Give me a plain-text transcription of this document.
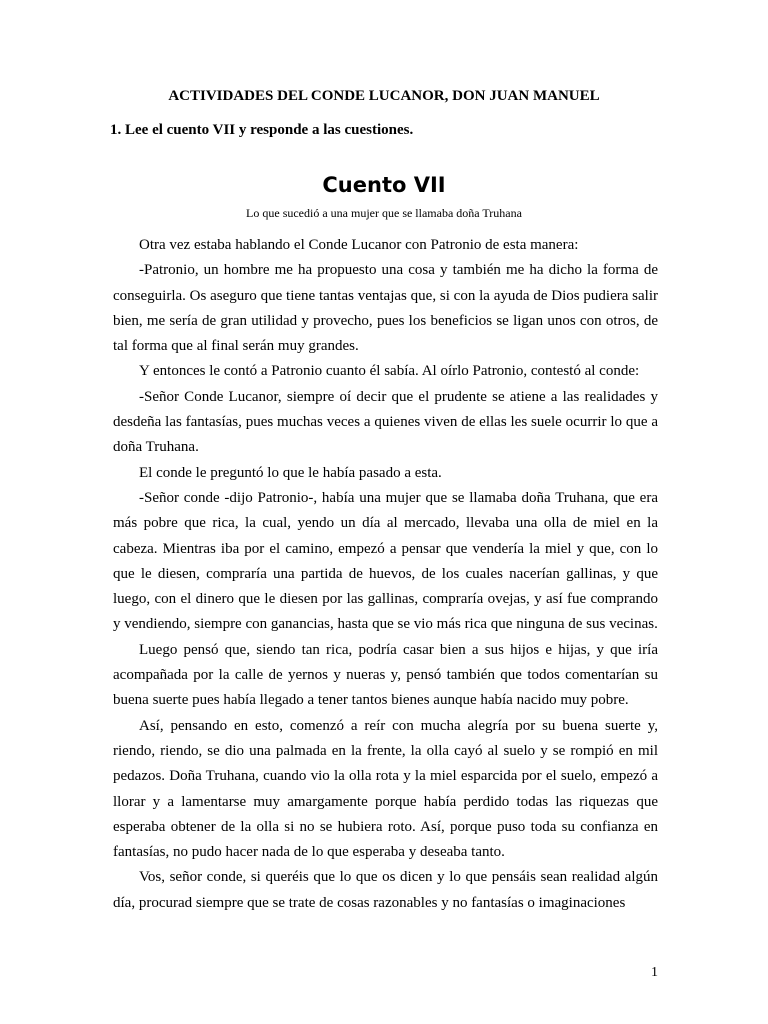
ACTIVIDADES DEL CONDE LUCANOR, DON JUAN MANUEL
1. Lee el cuento VII y responde a las cuestiones.
Cuento VII
Lo que sucedió a una mujer que se llamaba doña Truhana

Otra vez estaba hablando el Conde Lucanor con Patronio de esta manera:

-Patronio, un hombre me ha propuesto una cosa y también me ha dicho la forma de conseguirla. Os aseguro que tiene tantas ventajas que, si con la ayuda de Dios pudiera salir bien, me sería de gran utilidad y provecho, pues los beneficios se ligan unos con otros, de tal forma que al final serán muy grandes.

Y entonces le contó a Patronio cuanto él sabía. Al oírlo Patronio, contestó al conde:

-Señor Conde Lucanor, siempre oí decir que el prudente se atiene a las realidades y desdeña las fantasías, pues muchas veces a quienes viven de ellas les suele ocurrir lo que a doña Truhana.

El conde le preguntó lo que le había pasado a esta.

-Señor conde -dijo Patronio-, había una mujer que se llamaba doña Truhana, que era más pobre que rica, la cual, yendo un día al mercado, llevaba una olla de miel en la cabeza. Mientras iba por el camino, empezó a pensar que vendería la miel y que, con lo que le diesen, compraría una partida de huevos, de los cuales nacerían gallinas, y que luego, con el dinero que le diesen por las gallinas, compraría ovejas, y así fue comprando y vendiendo, siempre con ganancias, hasta que se vio más rica que ninguna de sus vecinas.

Luego pensó que, siendo tan rica, podría casar bien a sus hijos e hijas, y que iría acompañada por la calle de yernos y nueras y, pensó también que todos comentarían su buena suerte pues había llegado a tener tantos bienes aunque había nacido muy pobre.

Así, pensando en esto, comenzó a reír con mucha alegría por su buena suerte y, riendo, riendo, se dio una palmada en la frente, la olla cayó al suelo y se rompió en mil pedazos. Doña Truhana, cuando vio la olla rota y la miel esparcida por el suelo, empezó a llorar y a lamentarse muy amargamente porque había perdido todas las riquezas que esperaba obtener de la olla si no se hubiera roto. Así, porque puso toda su confianza en fantasías, no pudo hacer nada de lo que esperaba y deseaba tanto.

Vos, señor conde, si queréis que lo que os dicen y lo que pensáis sean realidad algún día, procurad siempre que se trate de cosas razonables y no fantasías o imaginaciones

1
